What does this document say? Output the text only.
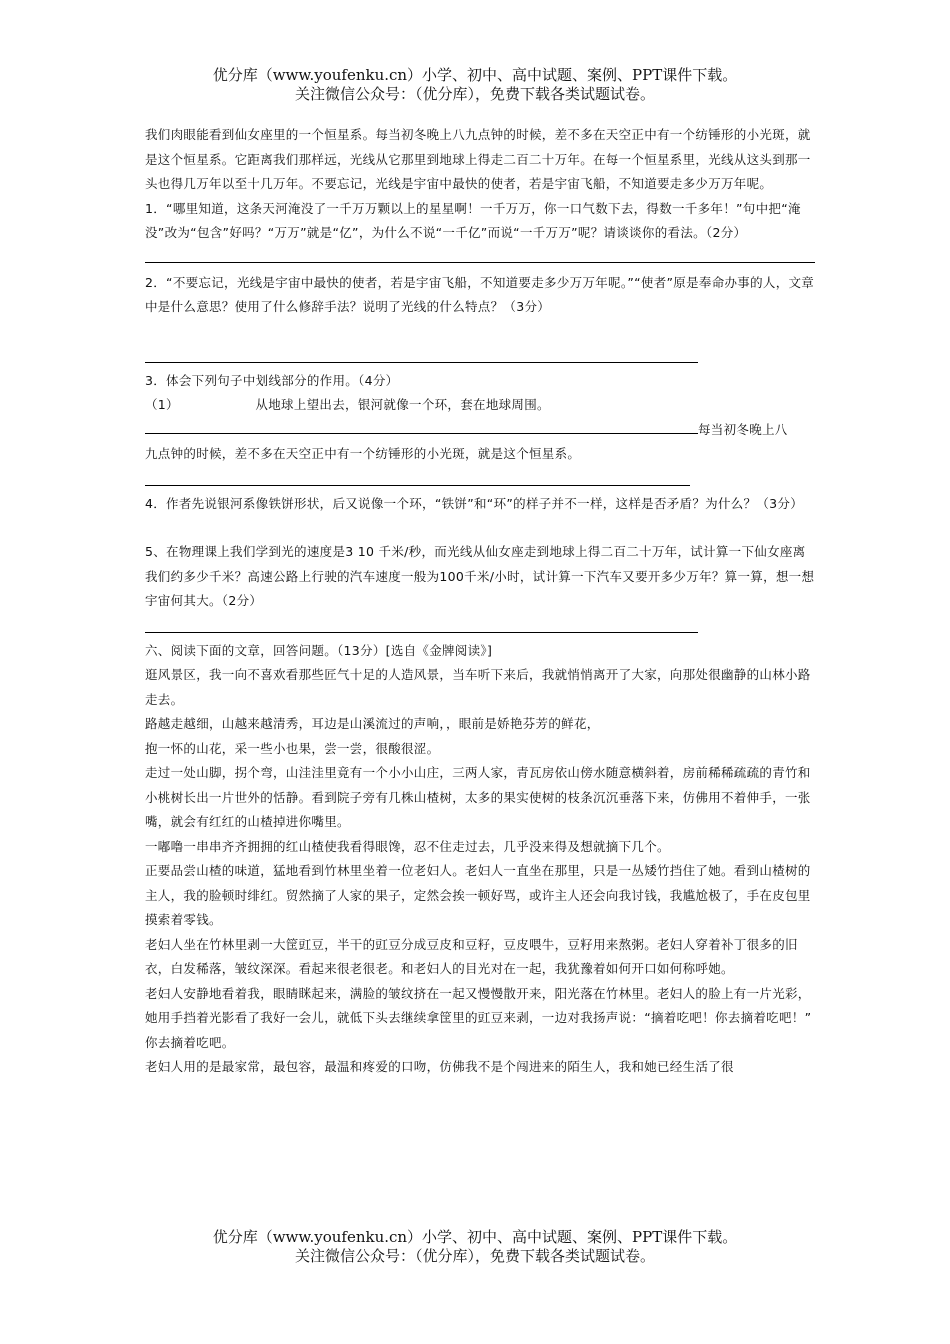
优分库（www.youfenku.cn）小学、初中、高中试题、案例、PPT课件下载。
关注微信公众号：（优分库），免费下载各类试题试卷。
我们肉眼能看到仙女座里的一个恒星系。每当初冬晚上八九点钟的时候，差不多在天空正中有一个纺锤形的小光斑，就是这个恒星系。它距离我们那样远，光线从它那里到地球上得走二百二十万年。在每一个恒星系里，光线从这头到那一头也得几万年以至十几万年。不要忘记，光线是宇宙中最快的使者，若是宇宙飞船，不知道要走多少万万年呢。
1．“哪里知道，这条天河淹没了一千万万颗以上的星星啊！一千万万，你一口气数下去，得数一千多年！”句中把“淹没”改为“包含”好吗？“万万”就是“亿”，为什么不说“一千亿”而说“一千万万”呢？请谈谈你的看法。（2分）
2．“不要忘记，光线是宇宙中最快的使者，若是宇宙飞船，不知道要走多少万万年呢。”“使者”原是奉命办事的人，文章中是什么意思？使用了什么修辞手法？说明了光线的什么特点？（3分）
3．体会下列句子中划线部分的作用。（4分）
（1）	从地球上望出去，银河就像一个环，套在地球周围。
每当初冬晚上八
九点钟的时候，差不多在天空正中有一个纺锤形的小光斑，就是这个恒星系。
4．作者先说银河系像铁饼形状，后又说像一个环，“铁饼”和“环”的样子并不一样，这样是否矛盾？为什么？（3分）
5、在物理课上我们学到光的速度是3 10 千米/秒，而光线从仙女座走到地球上得二百二十万年，试计算一下仙女座离我们约多少千米？高速公路上行驶的汽车速度一般为100千米/小时，试计算一下汽车又要开多少万年？算一算，想一想宇宙何其大。（2分）
六、阅读下面的文章，回答问题。（13分）[选自《金牌阅读》]
逛风景区，我一向不喜欢看那些匠气十足的人造风景，当车听下来后，我就悄悄离开了大家，向那处很幽静的山林小路走去。
路越走越细，山越来越清秀，耳边是山溪流过的声响，，眼前是娇艳芬芳的鲜花，
抱一怀的山花，采一些小也果，尝一尝，很酸很涩。
走过一处山脚，拐个弯，山洼洼里竟有一个小小山庄，三两人家，青瓦房依山傍水随意横斜着，房前稀稀疏疏的青竹和小桃树长出一片世外的恬静。看到院子旁有几株山楂树，太多的果实使树的枝条沉沉垂落下来，仿佛用不着伸手，一张嘴，就会有红红的山楂掉进你嘴里。
一嘟噜一串串齐齐拥拥的红山楂使我看得眼馋，忍不住走过去，几乎没来得及想就摘下几个。
正要品尝山楂的味道，猛地看到竹林里坐着一位老妇人。老妇人一直坐在那里，只是一丛矮竹挡住了她。看到山楂树的主人，我的脸顿时绯红。贸然摘了人家的果子，定然会挨一顿好骂，或许主人还会向我讨钱，我尴尬极了，手在皮包里摸索着零钱。
老妇人坐在竹林里剥一大筐豇豆，半干的豇豆分成豆皮和豆籽，豆皮喂牛，豆籽用来熬粥。老妇人穿着补丁很多的旧衣，白发稀落，皱纹深深。看起来很老很老。和老妇人的目光对在一起，我犹豫着如何开口如何称呼她。
老妇人安静地看着我，眼睛眯起来，满脸的皱纹挤在一起又慢慢散开来，阳光落在竹林里。老妇人的脸上有一片光彩，她用手挡着光影看了我好一会儿，就低下头去继续拿筐里的豇豆来剥，一边对我扬声说：“摘着吃吧！你去摘着吃吧！”
你去摘着吃吧。
老妇人用的是最家常，最包容，最温和疼爱的口吻，仿佛我不是个闯进来的陌生人，我和她已经生活了很
优分库（www.youfenku.cn）小学、初中、高中试题、案例、PPT课件下载。
关注微信公众号：（优分库），免费下载各类试题试卷。
